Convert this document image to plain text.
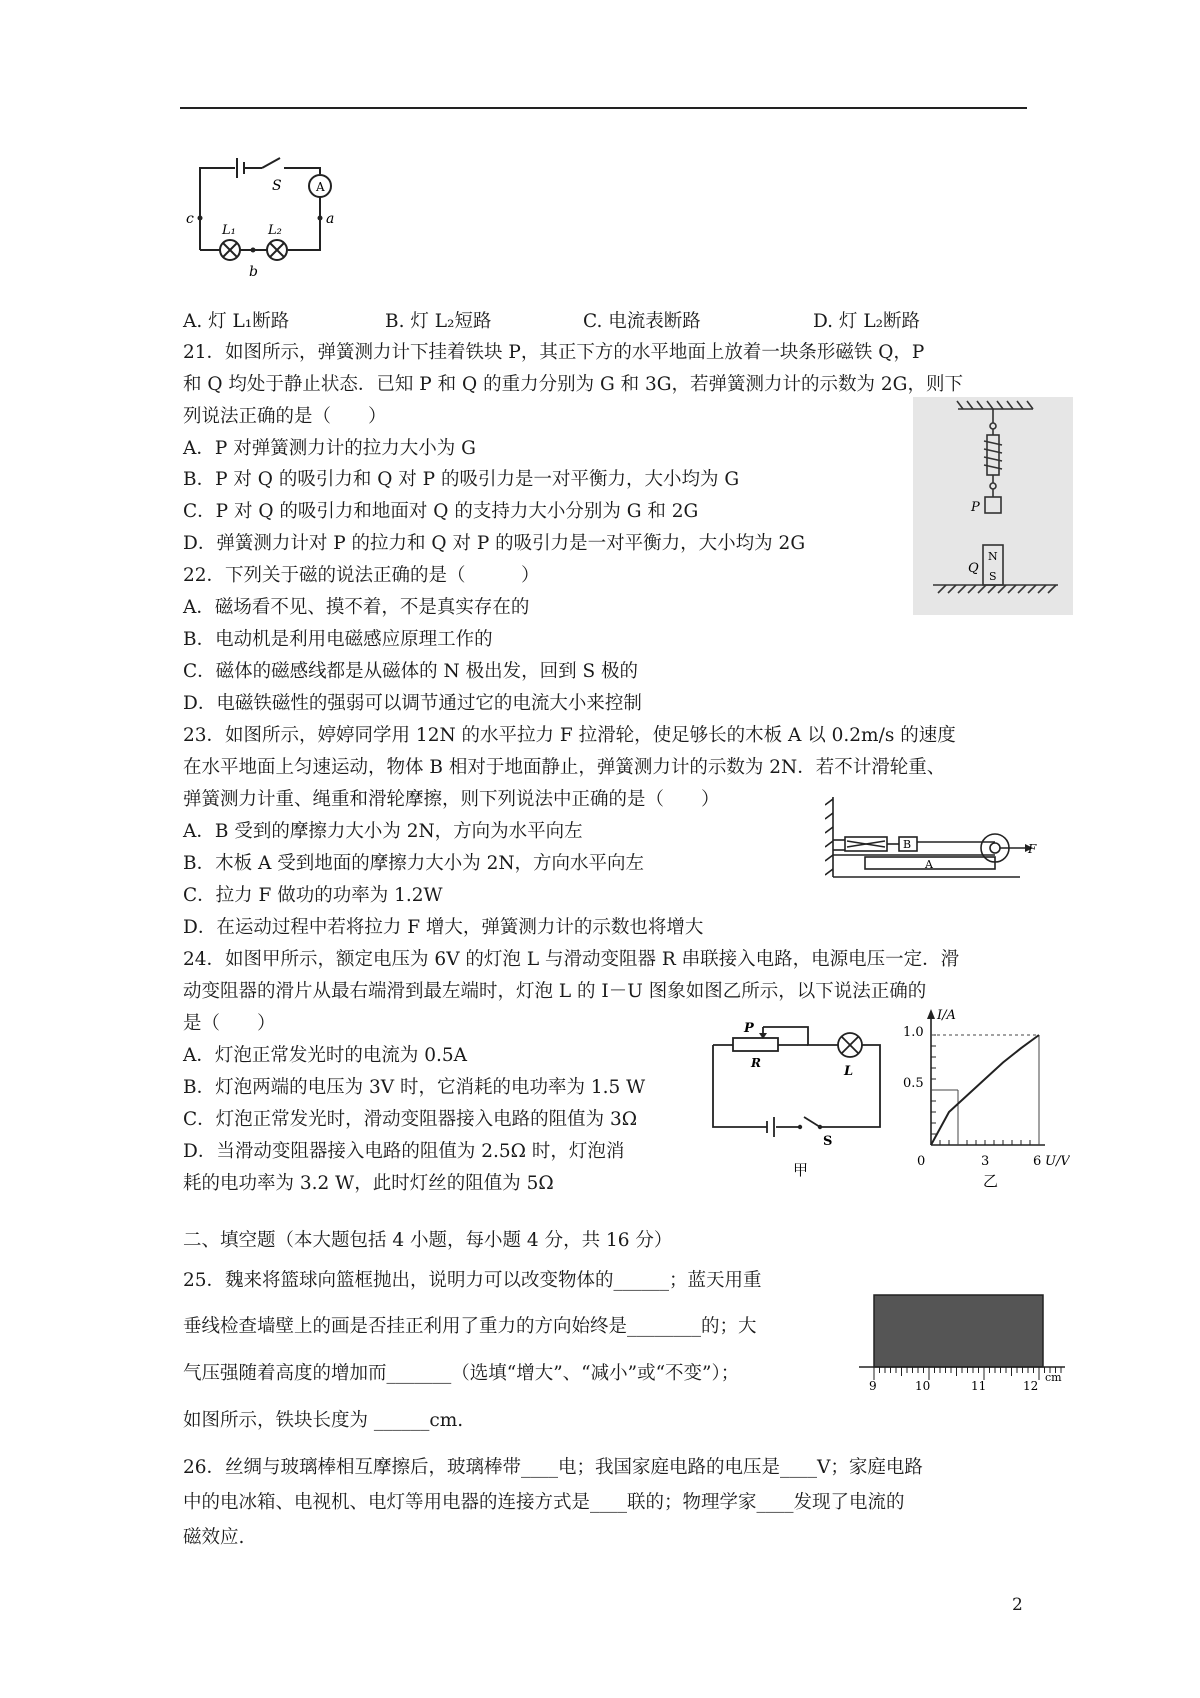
A
S
L₁ L₂
c	a
b
A. 灯 L₁断路	B. 灯 L₂短路	C. 电流表断路	D. 灯 L₂断路
21．如图所示，弹簧测力计下挂着铁块 P，其正下方的水平地面上放着一块条形磁铁 Q，P
和 Q 均处于静止状态．已知 P 和 Q 的重力分别为 G 和 3G，若弹簧测力计的示数为 2G，则下
列说法正确的是（　　）
A．P 对弹簧测力计的拉力大小为 G
B．P 对 Q 的吸引力和 Q 对 P 的吸引力是一对平衡力，大小均为 G
C．P 对 Q 的吸引力和地面对 Q 的支持力大小分别为 G 和 2G
D．弹簧测力计对 P 的拉力和 Q 对 P 的吸引力是一对平衡力，大小均为 2G
P
Q
N
S
22．下列关于磁的说法正确的是（　　　）
A．磁场看不见、摸不着，不是真实存在的
B．电动机是利用电磁感应原理工作的
C．磁体的磁感线都是从磁体的 N 极出发，回到 S 极的
D．电磁铁磁性的强弱可以调节通过它的电流大小来控制
23．如图所示，婷婷同学用 12N 的水平拉力 F 拉滑轮，使足够长的木板 A 以 0.2m/s 的速度
在水平地面上匀速运动，物体 B 相对于地面静止，弹簧测力计的示数为 2N．若不计滑轮重、
弹簧测力计重、绳重和滑轮摩擦，则下列说法中正确的是（　　）
A．B 受到的摩擦力大小为 2N，方向为水平向左
B．木板 A 受到地面的摩擦力大小为 2N，方向水平向左
C．拉力 F 做功的功率为 1.2W
D．在运动过程中若将拉力 F 增大，弹簧测力计的示数也将增大
B
A
F
24．如图甲所示，额定电压为 6V 的灯泡 L 与滑动变阻器 R 串联接入电路，电源电压一定．滑
动变阻器的滑片从最右端滑到最左端时，灯泡 L 的 I－U 图象如图乙所示，以下说法正确的
是（　　）
A．灯泡正常发光时的电流为 0.5A
B．灯泡两端的电压为 3V 时，它消耗的电功率为 1.5 W
C．灯泡正常发光时，滑动变阻器接入电路的阻值为 3Ω
D．当滑动变阻器接入电路的阻值为 2.5Ω 时，灯泡消
耗的电功率为 3.2 W，此时灯丝的阻值为 5Ω
P
R
L
S
甲
I/A
1.0
0.5
0	3	6 U/V
乙
二、填空题（本大题包括 4 小题，每小题 4 分，共 16 分）
25．魏来将篮球向篮框抛出，说明力可以改变物体的______；蓝天用重
垂线检查墙壁上的画是否挂正利用了重力的方向始终是________的；大
气压强随着高度的增加而_______（选填“增大”、“减小”或“不变”）；
如图所示，铁块长度为 ______cm.
9	10	11	12
cm
26．丝绸与玻璃棒相互摩擦后，玻璃棒带____电；我国家庭电路的电压是____V；家庭电路
中的电冰箱、电视机、电灯等用电器的连接方式是____联的；物理学家____发现了电流的
磁效应.
2
